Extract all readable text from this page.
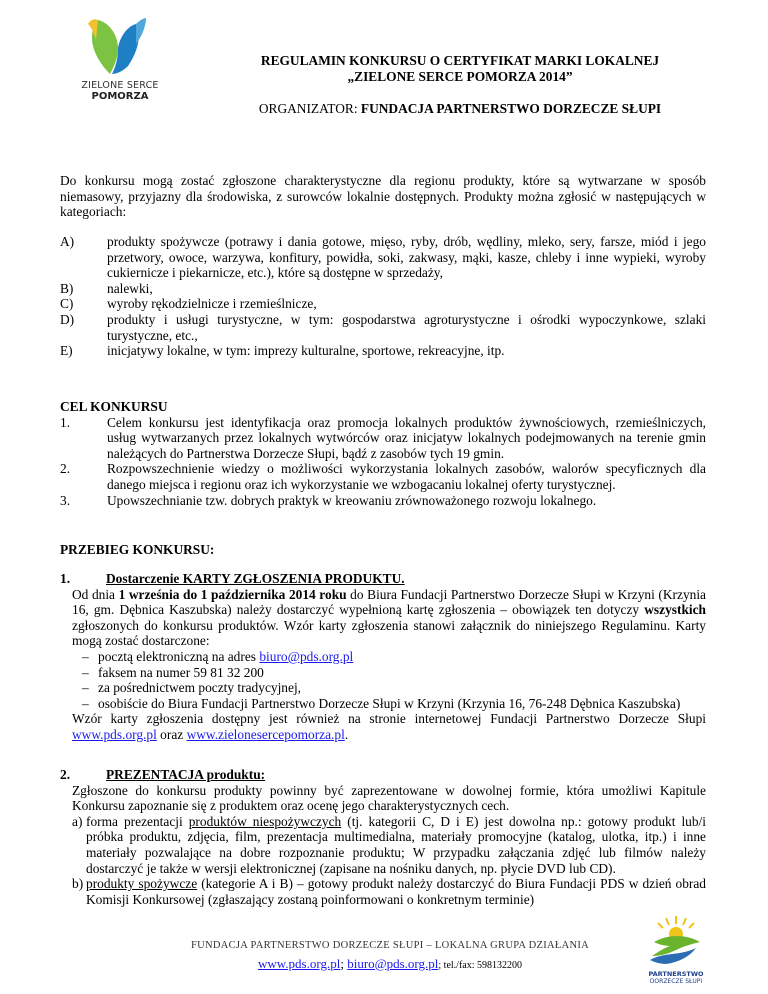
ZIELONE SERCE
POMORZA
REGULAMIN KONKURSU O CERTYFIKAT MARKI LOKALNEJ
„ZIELONE SERCE POMORZA 2014”
ORGANIZATOR: FUNDACJA PARTNERSTWO DORZECZE SŁUPI
Do konkursu mogą zostać zgłoszone charakterystyczne dla regionu produkty, które są wytwarzane w sposób niemasowy, przyjazny dla środowiska, z surowców lokalnie dostępnych. Produkty można zgłosić w następujących w kategoriach:
A)	produkty spożywcze (potrawy i dania gotowe, mięso, ryby, drób, wędliny, mleko, sery, farsze, miód i jego przetwory, owoce, warzywa, konfitury, powidła, soki, zakwasy, mąki, kasze, chleby i inne wypieki, wyroby cukiernicze i piekarnicze, etc.), które są dostępne w sprzedaży,
B)	nalewki,
C)	wyroby rękodzielnicze i rzemieślnicze,
D)	produkty i usługi turystyczne, w tym: gospodarstwa agroturystyczne i ośrodki wypoczynkowe, szlaki turystyczne, etc.,
E)	inicjatywy lokalne, w tym: imprezy kulturalne, sportowe, rekreacyjne, itp.
CEL KONKURSU
1.	Celem konkursu jest identyfikacja oraz promocja lokalnych produktów żywnościowych, rzemieślniczych, usług wytwarzanych przez lokalnych wytwórców oraz inicjatyw lokalnych podejmowanych na terenie gmin należących do Partnerstwa Dorzecze Słupi, bądź z zasobów tych 19 gmin.
2.	Rozpowszechnienie wiedzy o możliwości wykorzystania lokalnych zasobów, walorów specyficznych dla danego miejsca i regionu oraz ich wykorzystanie we wzbogacaniu lokalnej oferty turystycznej.
3.	Upowszechnianie tzw. dobrych praktyk w kreowaniu zrównoważonego rozwoju lokalnego.
PRZEBIEG KONKURSU:
1.	Dostarczenie KARTY ZGŁOSZENIA PRODUKTU.
Od dnia 1 września do 1 października 2014 roku do Biura Fundacji Partnerstwo Dorzecze Słupi w Krzyni (Krzynia 16, gm. Dębnica Kaszubska) należy dostarczyć wypełnioną kartę zgłoszenia – obowiązek ten dotyczy wszystkich zgłoszonych do konkursu produktów. Wzór karty zgłoszenia stanowi załącznik do niniejszego Regulaminu. Karty mogą zostać dostarczone:
– pocztą elektroniczną na adres biuro@pds.org.pl
– faksem na numer 59 81 32 200
– za pośrednictwem poczty tradycyjnej,
– osobiście do Biura Fundacji Partnerstwo Dorzecze Słupi w Krzyni (Krzynia 16, 76-248 Dębnica Kaszubska)
Wzór karty zgłoszenia dostępny jest również na stronie internetowej Fundacji Partnerstwo Dorzecze Słupi www.pds.org.pl oraz www.zielonesercepomorza.pl.
2.	PREZENTACJA produktu:
Zgłoszone do konkursu produkty powinny być zaprezentowane w dowolnej formie, która umożliwi Kapitule Konkursu zapoznanie się z produktem oraz ocenę jego charakterystycznych cech.
a) forma prezentacji produktów niespożywczych (tj. kategorii C, D i E) jest dowolna np.: gotowy produkt lub/i próbka produktu, zdjęcia, film, prezentacja multimedialna, materiały promocyjne (katalog, ulotka, itp.) i inne materiały pozwalające na dobre rozpoznanie produktu; W przypadku załączania zdjęć lub filmów należy dostarczyć je także w wersji elektronicznej (zapisane na nośniku danych, np. płycie DVD lub CD).
b) produkty spożywcze (kategorie A i B) – gotowy produkt należy dostarczyć do Biura Fundacji PDS w dzień obrad Komisji Konkursowej (zgłaszający zostaną poinformowani o konkretnym terminie)
FUNDACJA PARTNERSTWO DORZECZE SŁUPI – LOKALNA GRUPA DZIAŁANIA
www.pds.org.pl; biuro@pds.org.pl; tel./fax: 598132200
PARTNERSTWO
DORZECZE SŁUPI
